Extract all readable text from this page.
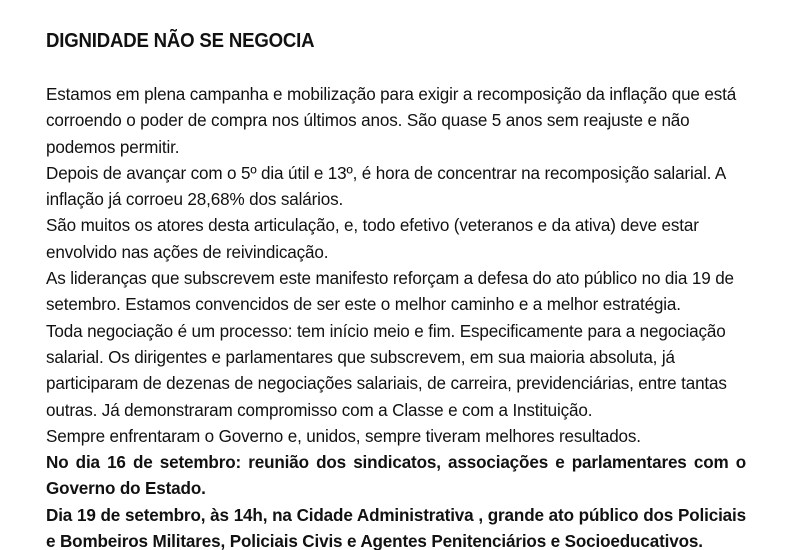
DIGNIDADE NÃO SE NEGOCIA

Estamos em plena campanha e mobilização para exigir a recomposição da inflação que está corroendo o poder de compra nos últimos anos. São quase 5 anos sem reajuste e não podemos permitir.

Depois de avançar com o 5º dia útil e 13º, é hora de concentrar na recomposição salarial. A inflação já corroeu 28,68% dos salários.

São muitos os atores desta articulação, e, todo efetivo (veteranos e da ativa) deve estar envolvido nas ações de reivindicação.

As lideranças que subscrevem este manifesto reforçam a defesa do ato público no dia 19 de setembro. Estamos convencidos de ser este o melhor caminho e a melhor estratégia.

Toda negociação é um processo: tem início meio e fim. Especificamente para a negociação salarial. Os dirigentes e parlamentares que subscrevem, em sua maioria absoluta, já participaram de dezenas de negociações salariais, de carreira, previdenciárias, entre tantas outras. Já demonstraram compromisso com a Classe e com a Instituição.

Sempre enfrentaram o Governo e, unidos, sempre tiveram melhores resultados.

No dia 16 de setembro: reunião dos sindicatos, associações e parlamentares com o Governo do Estado.

Dia 19 de setembro, às 14h, na Cidade Administrativa , grande ato público dos Policiais e Bombeiros Militares, Policiais Civis e Agentes Penitenciários e Socioeducativos.
